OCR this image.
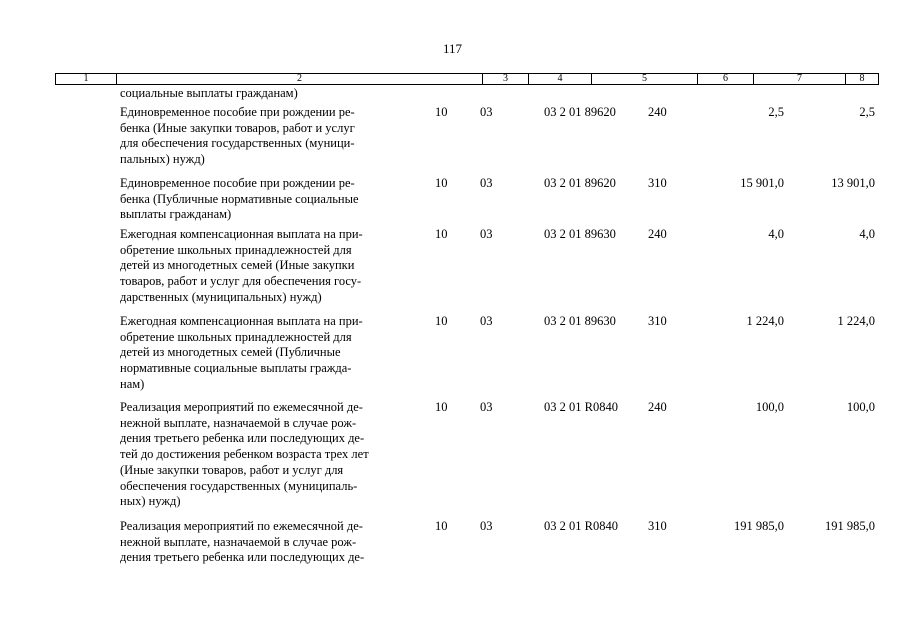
117
1	2	3	4	5	6	7	8
социальные выплаты гражданам)
Единовременное пособие при рождении ре-
бенка (Иные закупки товаров, работ и услуг
для обеспечения государственных (муници-
пальных) нужд)
10	03	03 2 01 89620	240	2,5	2,5
Единовременное пособие при рождении ре-
бенка (Публичные нормативные социальные
выплаты гражданам)
10	03	03 2 01 89620	310	15 901,0	13 901,0
Ежегодная компенсационная выплата на при-
обретение школьных принадлежностей для
детей из многодетных семей (Иные закупки
товаров, работ и услуг для обеспечения госу-
дарственных (муниципальных) нужд)
10	03	03 2 01 89630	240	4,0	4,0
Ежегодная компенсационная выплата на при-
обретение школьных принадлежностей для
детей из многодетных семей (Публичные
нормативные социальные выплаты граждa-
нам)
10	03	03 2 01 89630	310	1 224,0	1 224,0
Реализация мероприятий по ежемесячной де-
нежной выплате, назначаемой в случае рож-
дения третьего ребенка или последующих де-
тей до достижения ребенком возраста трех лет
(Иные закупки товаров, работ и услуг для
обеспечения государственных (муниципаль-
ных) нужд)
10	03	03 2 01 R0840 240	100,0	100,0
Реализация мероприятий по ежемесячной де-
нежной выплате, назначаемой в случае рож-
дения третьего ребенка или последующих де-
10	03	03 2 01 R0840 310	191 985,0	191 985,0
